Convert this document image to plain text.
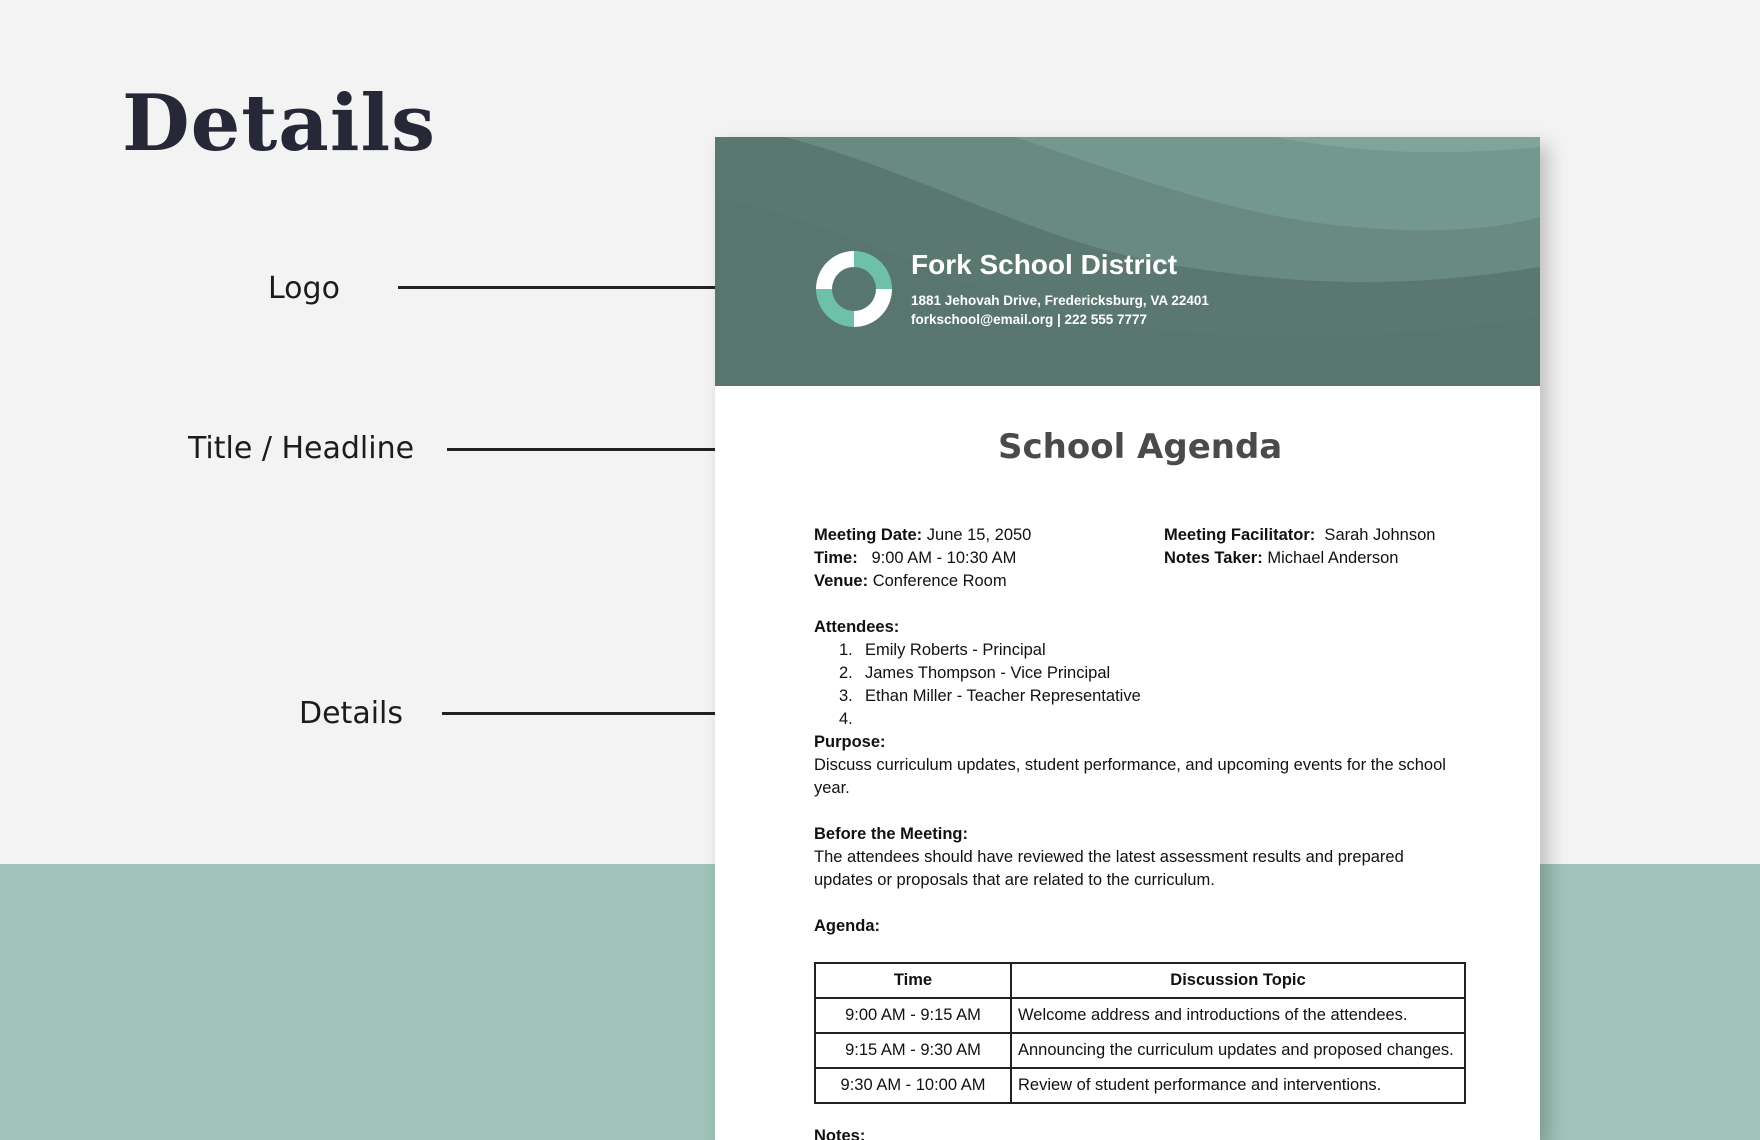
Details
Logo
Title / Headline
Details
Fork School District
1881 Jehovah Drive, Fredericksburg, VA 22401
forkschool@email.org | 222 555 7777
School Agenda
Meeting Date: June 15, 2050
Time:   9:00 AM - 10:30 AM
Venue: Conference Room
Meeting Facilitator:  Sarah Johnson
Notes Taker: Michael Anderson
Attendees:
1. Emily Roberts - Principal
2. James Thompson - Vice Principal
3. Ethan Miller - Teacher Representative
4.
Purpose:
Discuss curriculum updates, student performance, and upcoming events for the school year.
Before the Meeting:
The attendees should have reviewed the latest assessment results and prepared updates or proposals that are related to the curriculum.
Agenda:
Time	Discussion Topic
9:00 AM - 9:15 AM	Welcome address and introductions of the attendees.
9:15 AM - 9:30 AM	Announcing the curriculum updates and proposed changes.
9:30 AM - 10:00 AM	Review of student performance and interventions.
Notes:
